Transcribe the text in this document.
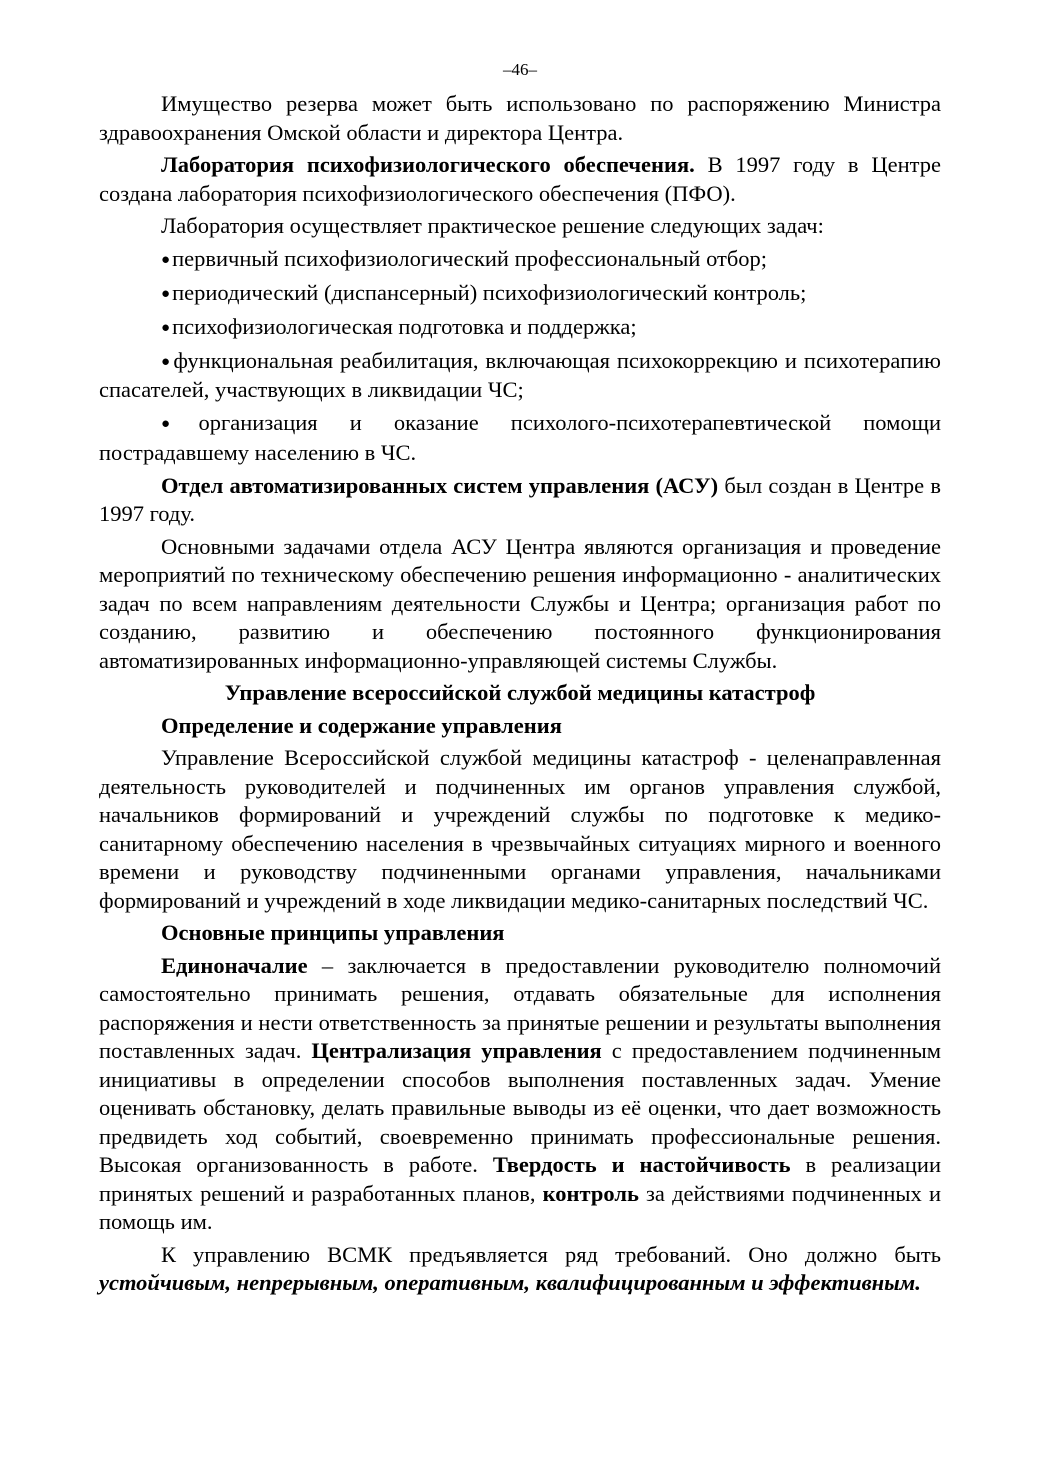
–46–

Имущество резерва может быть использовано по распоряжению Министра здравоохранения Омской области и директора Центра.

Лаборатория психофизиологического обеспечения. В 1997 году в Центре создана лаборатория психофизиологического обеспечения (ПФО).

Лаборатория осуществляет практическое решение следующих задач:

●первичный психофизиологический профессиональный отбор;

●периодический (диспансерный) психофизиологический контроль;

●психофизиологическая подготовка и поддержка;

●функциональная реабилитация, включающая психокоррекцию и психотерапию спасателей, участвующих в ликвидации ЧС;

●организация и оказание психолого-психотерапевтической помощи пострадавшему населению в ЧС.

Отдел автоматизированных систем управления (АСУ) был создан в Центре в 1997 году.

Основными задачами отдела АСУ Центра являются организация и проведение мероприятий по техническому обеспечению решения информационно - аналитических задач по всем направлениям деятельности Службы и Центра; организация работ по созданию, развитию и обеспечению постоянного функционирования автоматизированных информационно-управляющей системы Службы.

Управление всероссийской службой медицины катастроф
Определение и содержание управления

Управление Всероссийской службой медицины катастроф - целенаправленная деятельность руководителей и подчиненных им органов управления службой, начальников формирований и учреждений службы по подготовке к медико-санитарному обеспечению населения в чрезвычайных ситуациях мирного и военного времени и руководству подчиненными органами управления, начальниками формирований и учреждений в ходе ликвидации медико-санитарных последствий ЧС.

Основные принципы управления

Единоначалие – заключается в предоставлении руководителю полномочий самостоятельно принимать решения, отдавать обязательные для исполнения распоряжения и нести ответственность за принятые решении и результаты выполнения поставленных задач. Централизация управления с предоставлением подчиненным инициативы в определении способов выполнения поставленных задач. Умение оценивать обстановку, делать правильные выводы из её оценки, что дает возможность предвидеть ход событий, своевременно принимать профессиональные решения. Высокая организованность в работе. Твердость и настойчивость в реализации принятых решений и разработанных планов, контроль за действиями подчиненных и помощь им.

К управлению ВСМК предъявляется ряд требований. Оно должно быть устойчивым, непрерывным, оперативным, квалифицированным и эффективным.
